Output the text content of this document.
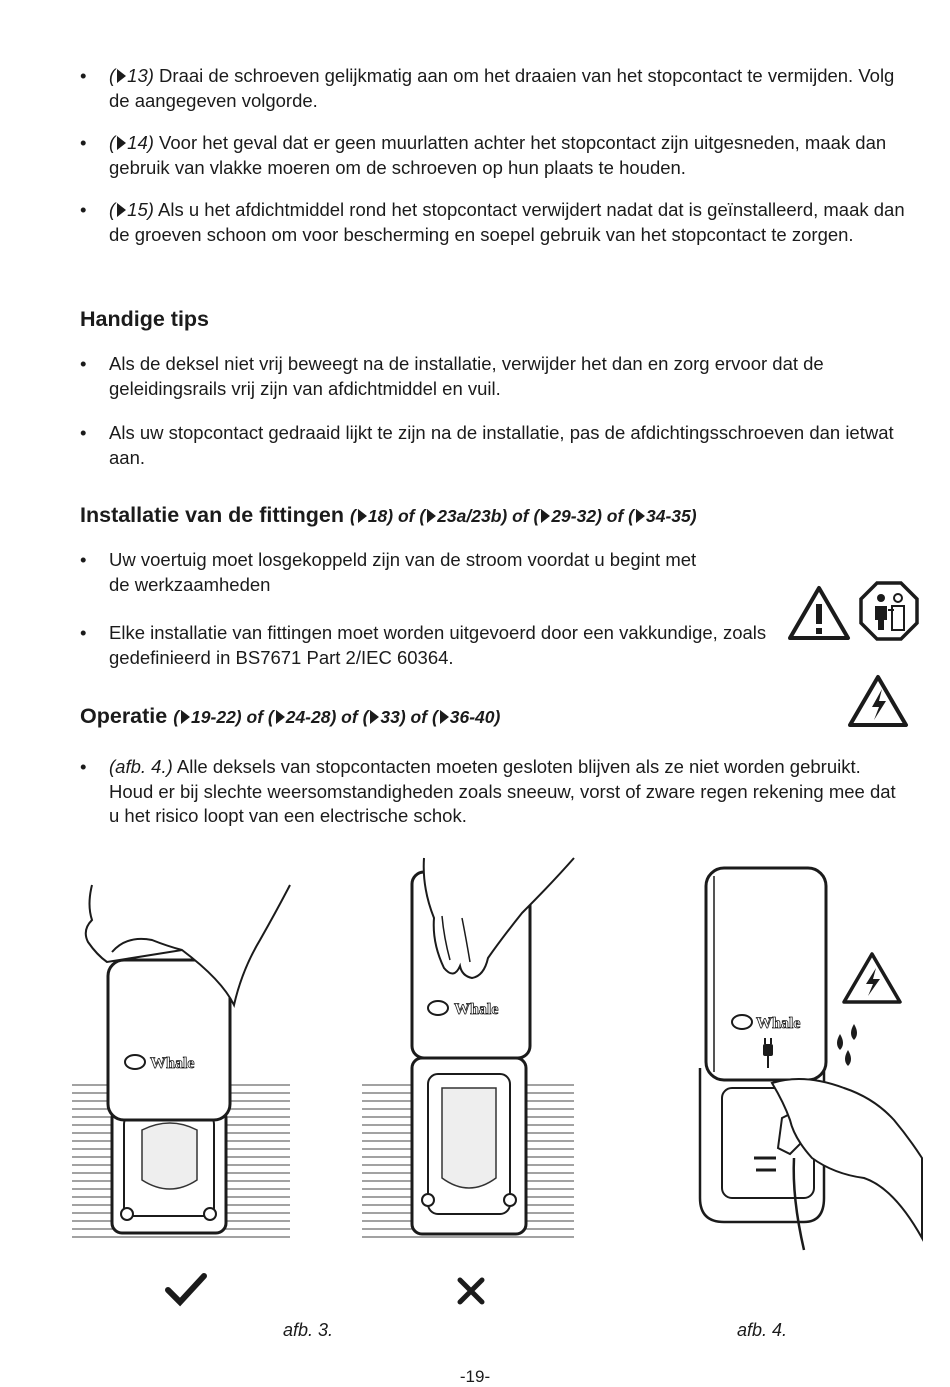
• ( 13) Draai de schroeven gelijkmatig aan om het draaien van het stopcontact te vermijden. Volg de aangegeven volgorde.
• ( 14) Voor het geval dat er geen muurlatten achter het stopcontact zijn uitgesneden, maak dan gebruik van vlakke moeren om de schroeven op hun plaats te houden.
• ( 15) Als u het afdichtmiddel rond het stopcontact verwijdert nadat dat is geïnstalleerd, maak dan de groeven schoon om voor bescherming en soepel gebruik van het stopcontact te zorgen.
Handige tips
• Als de deksel niet vrij beweegt na de installatie, verwijder het dan en zorg ervoor dat de geleidingsrails vrij zijn van afdichtmiddel en vuil.
• Als uw stopcontact gedraaid lijkt te zijn na de installatie, pas de afdichtingsschroeven dan ietwat aan.
Installatie van de fittingen ( 18) of ( 23a/23b) of ( 29-32) of ( 34-35)
• Uw voertuig moet losgekoppeld zijn van de stroom voordat u begint met de werkzaamheden
• Elke installatie van fittingen moet worden uitgevoerd door een vakkundige, zoals gedefinieerd in BS7671 Part 2/IEC 60364.
Operatie ( 19-22) of ( 24-28) of ( 33) of ( 36-40)
• (afb. 4.) Alle deksels van stopcontacten moeten gesloten blijven als ze niet worden gebruikt. Houd er bij slechte weersomstandigheden zoals sneeuw, vorst of zware regen rekening mee dat u het risico loopt van een electrische schok.
Whale
Whale
Whale
afb. 3.	afb. 4.
-19-
